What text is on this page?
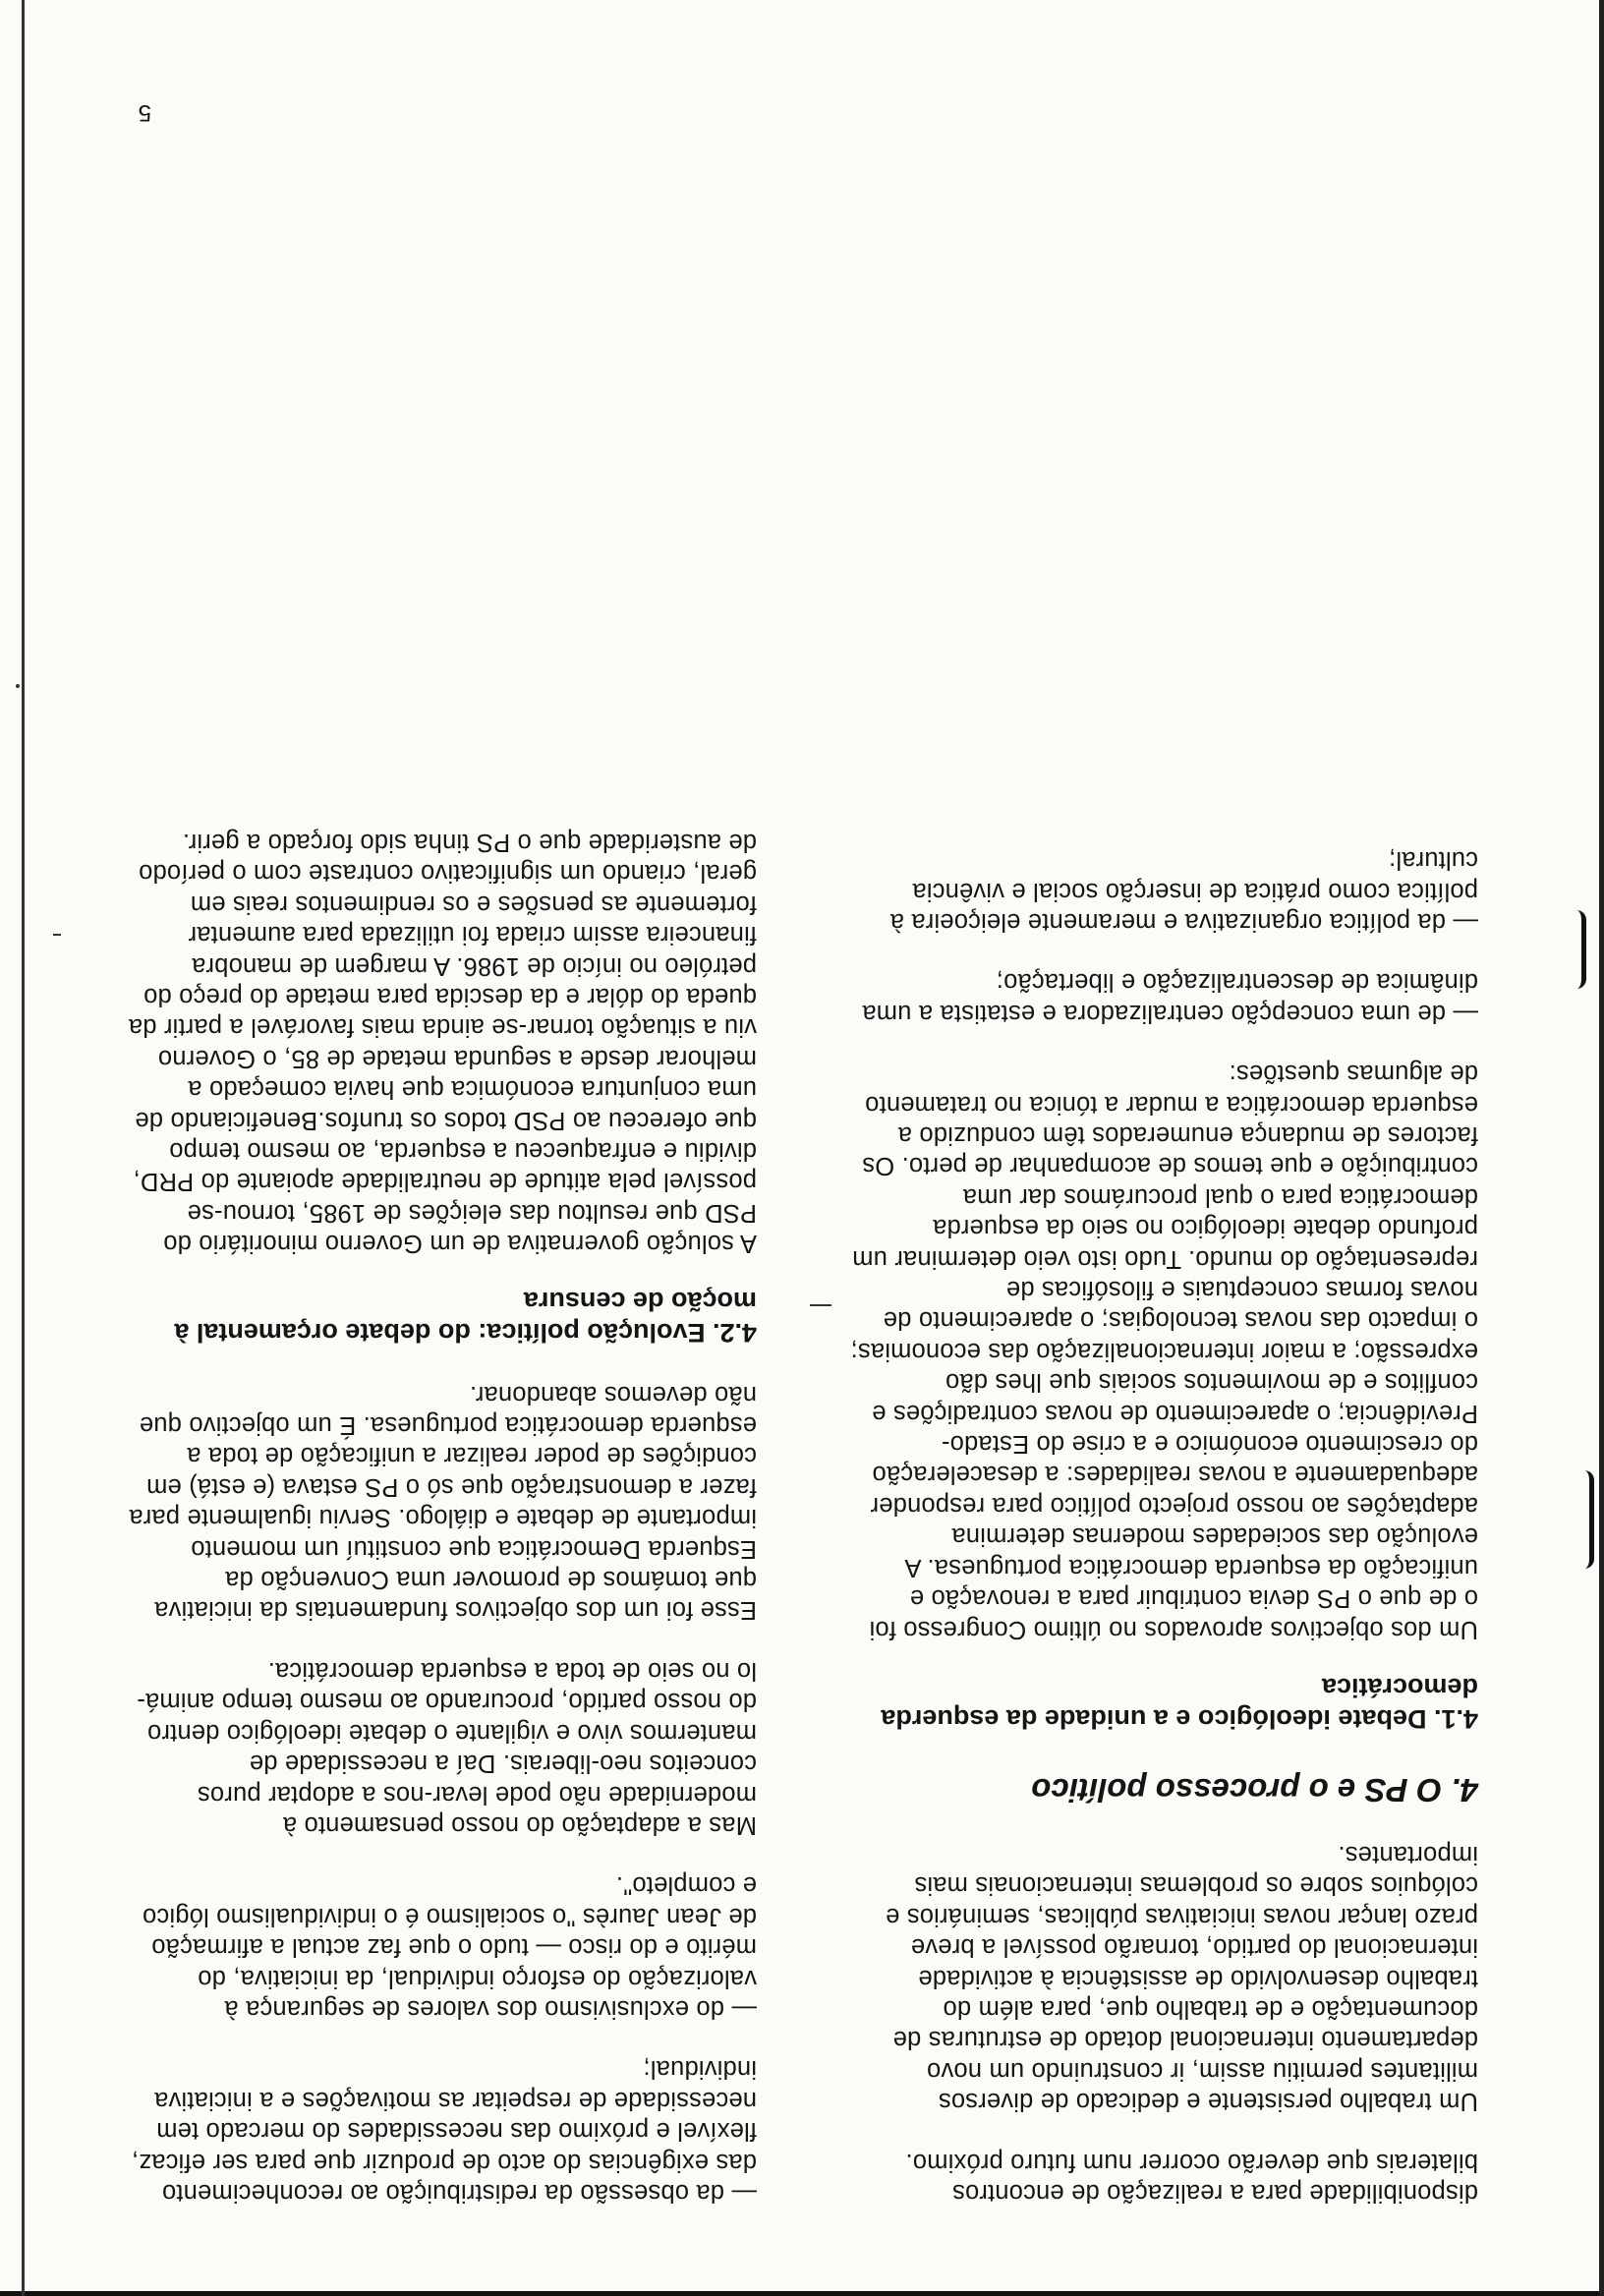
disponibilidade para a realização de encontros bilaterais que deverão ocorrer num futuro próximo.

Um trabalho persistente e dedicado de diversos militantes permitiu assim, ir construindo um novo departamento internacional dotado de estruturas de documentação e de trabalho que, para além do trabalho desenvolvido de assistência à actividade internacional do partido, tornarão possível a breve prazo lançar novas iniciativas públicas, seminários e colóquios sobre os problemas internacionais mais importantes.

4. O PS e o processo político
4.1. Debate ideológico e a unidade da esquerda democrática

Um dos objectivos aprovados no último Congresso foi o de que o PS devia contribuir para a renovação e unificação da esquerda democrática portuguesa. A evolução das sociedades modernas determina adaptações ao nosso projecto político para responder adequadamente a novas realidades: a desaceleração do crescimento económico e a crise do Estado-Previdência; o aparecimento de novas contradições e conflitos e de movimentos sociais que lhes dão expressão; a maior internacionalização das economias; o impacto das novas tecnologias; o aparecimento de novas formas conceptuais e filosóficas de representação do mundo. Tudo isto veio determinar um profundo debate ideológico no seio da esquerda democrática para o qual procurámos dar uma contribuição e que temos de acompanhar de perto. Os factores de mudança enumerados têm conduzido a esquerda democrática a mudar a tónica no tratamento de algumas questões:

— de uma concepção centralizadora e estatista a uma dinâmica de descentralização e libertação;

— da política organizativa e meramente eleiçoeira à política como prática de inserção social e vivência cultural;

— da obsessão da redistribuição ao reconhecimento das exigências do acto de produzir que para ser eficaz, flexível e próximo das necessidades do mercado tem necessidade de respeitar as motivações e a iniciativa individual;

— do exclusivismo dos valores de segurança à valorização do esforço individual, da iniciativa, do mérito e do risco — tudo o que faz actual a afirmação de Jean Jaurès "o socialismo é o individualismo lógico e completo".

Mas a adaptação do nosso pensamento à modernidade não pode levar-nos a adoptar puros conceitos neo-liberais. Daí a necessidade de mantermos vivo e vigilante o debate ideológico dentro do nosso partido, procurando ao mesmo tempo animá-lo no seio de toda a esquerda democrática.

Esse foi um dos objectivos fundamentais da iniciativa que tomámos de promover uma Convenção da Esquerda Democrática que constituí um momento importante de debate e diálogo. Serviu igualmente para fazer a demonstração que só o PS estava (e está) em condições de poder realizar a unificação de toda a esquerda democrática portuguesa. É um objectivo que não devemos abandonar.

4.2. Evolução política: do debate orçamental à moção de censura

A solução governativa de um Governo minoritário do PSD que resultou das eleições de 1985, tornou-se possível pela atitude de neutralidade apoiante do PRD, dividiu e enfraqueceu a esquerda, ao mesmo tempo que ofereceu ao PSD todos os trunfos.Beneficiando de uma conjuntura económica que havia começado a melhorar desde a segunda metade de 85, o Governo viu a situação tornar-se ainda mais favorável a partir da queda do dólar e da descida para metade do preço do petróleo no início de 1986. A margem de manobra financeira assim criada foi utilizada para aumentar fortemente as pensões e os rendimentos reais em geral, criando um significativo contraste com o período de austeridade que o PS tinha sido forçado a gerir.

5
